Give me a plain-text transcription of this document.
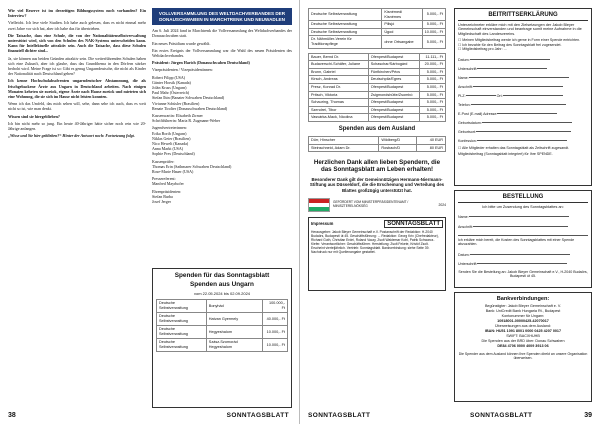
Wie viel Reserve ist im derzeitigen Bildungssystem noch vorhanden? Ein Interview?

Vielleicht. Ich lese viele Studien. Ich habe auch gelesen, dass es nicht einmal mehr zwei Jahre vor sich hat, aber ich habe das für übertrieben.

Die Tatsache, dass eine Schule, die von der Nationalitätenselbstverwaltung unterstützt wird, sich von den Schulen des NAK-Systems unterscheiden kann. Kann für Intellektuelle attraktiv sein. Auch die Tatsache, dass diese Schulen finanziell dichter sind...

Ja, sie können aus beiden Gründen attraktiv sein. Die weiterführenden Schulen haben sich eine Zukunft, aber ich glaube, dass das Grundthema in den Dörfern stärker bedroht wird. Meine Frage ist so: Gibt es genug Ungarndeutsche, die nicht als Kinder der Nationalität nach Deutschland gehen?

Ich kenne Hochschulabsolventen ungarndeutscher Abstammung, die als frischgebackene Ärzte aus Ungarn in Deutschland arbeiten. Nach einigen Monaten kehrten sie zurück, eigene Ärzte nach Hause zurück und mieteten sich eine Wohnung, die sie sich im Hause nicht leisten konnten.

Wenn ich das Umfeld, das mich sehen will, sehe, dann sehe ich auch, dass es weit nicht so ist, wie man denkt.

Wissen sind sie hiergeblieben?

Ich bin nicht mehr so jung. Ein heute 40-Jähriger hätte sicher noch rein wie 20-Jährige anfangen.

„Wisse und Sie hier geblieben?“ Hinter der Antwort noch: Fortsetzung folgt.

VOLLVERSAMMLUNG DES WELTDACHVERBANDES DER DONAUSCHWABEN IN MARCHTRENK UND NEUWADLEN

Am 6. Juli 2024 fand in Marchtrenk die Vollversammlung des Weltdachverbandes der Donauschwaben statt.

Ein neues Präsidium wurde gewählt.

Ein erstes Ereignis der Vollversammlung war die Wahl des neuen Präsidenten des Weltdachverbandes.

Präsident: Jürgen Harich (Donauschwaben Deutschland)

Vizepräsidenten / Vizepräsidentinnen:

Robert Filipp (USA)
Günter Horsik (Kanada)
Jolán Kruss (Ungarn)
Paul Mahr (Österreich)
Stefan Ihin (Banater Schwaben Deutschland)
Vivianne Schüsler (Brasilien)
Renate Tirolter (Donauschwaben Deutschland)

Kassenwartin: Elisabeth Zirmer
Schriftführerin: Maria R. Zugmann-Weber

Jugendvertreterinnen:
Erika Borth (Ungarn)
Niklas Geier (Brasilien)
Nico Hewelt (Kanada)
Anna Markt (USA)
Sophie Pres (Deutschland)

Kassenprüfer:
Thomas Erin (Sathmarer Schwaben Deutschland)
Rose-Marie Hauer (USA)

Pressereferent:
Manfred Mayrhofer

Ehrenpräsidenten:
Stefan Barba
Josef Jerger

Spenden für das Sonntagsblatt
Spenden aus Ungarn
vom 22.05.2024 bis 02.09.2024
Deutsche Selbstverwaltung	Bonyhád	100.000,- Ft
Deutsche Selbstverwaltung	Hatvan Gyermely	40.000,- Ft
Deutsche Selbstverwaltung	Hegyeshalom	10.000,- Ft
Deutsche Selbstverwaltung	Szász-Szomorád Hegyeshalom	10.000,- Ft
38	SONNTAGSBLATT
Deutsche Selbstverwaltung	Kisnémedi Kisnémes	5.000,- Ft
Deutsche Selbstverwaltung	Pilisjó	5.000,- Ft
Deutsche Selbstverwaltung	Úgod	10.000,- Ft
Dr. Nähmüller-Verein für Traditionspflege	ohne Ortsangabe	5.000,- Ft
Bauer, Bernd Dr.	Ofenpest/Budapest	11.111,- Ft
Budaverschi-Schäfer, Juliane	Schaschar/Sárbogárd	20.000,- Ft
Brunn, Gabriel	Fünfkirchen/Pécs	5.000,- Ft
Kirsch, Andreas	Deutschpilz/Egres	5.000,- Ft
Presz, Konrad Dr.	Ofenpest/Budapest	5.000,- Ft
Pritsch, Viktoria	Zsigmondshütte/Zsombó	5.000,- Ft
Schauring, Thomas	Ofenpest/Budapest	5.000,- Ft
Szendrei, Tibor	Ofenpest/Budapest	5.000,- Ft
Vasvárka-Mack, Nicolina	Ofenpest/Budapest	5.000,- Ft
Spenden aus dem Ausland
Dürr, Hinscher	Wildberg/D	40 EUR
Steinschneid, Adam Dr.	Rosbach/D	80 EUR
Herzlichen Dank allen lieben Spendern, die das Sonntagsblatt am Leben erhalten!
Besonderer Dank gilt der Gemeinnützigen Hermann-Niermann-Stiftung aus Düsseldorf, die die Erscheinung und Verteilung des Blattes großzügig unterstützt hat.
GEFÖRDERT VOM MINISTERPRÄSIDENTENAMT / MINISZTERELNÖKSÉG	2024
Impressum	SONNTAGSBLATT
Herausgeber: Jakob Bleyer Gemeinschaft e.V. Postanschrift der Redaktion: H-2040 Budaörs, Budapesti út 45. Geschäftsführung: ... Redaktion: Georg Krix (Chefredakteur), Richard Guth, Christian Erdei, Roland Vaczy, Zsolt Waldemar Kohl, Patrik Schwarcz-Kiefer. Verantwortlicher: Geschäftsführer. Herstellung: Zsolt Fekete, Kristóf Zsolt. Erscheint vierteljährlich. Vertrieb: Sonntagsblatt. Bankverbindung: siehe Seite 39. Nachdruck nur mit Quellenangabe gestattet.
SONNTAGSBLATT
BEITRITTSERKLÄRUNG
Unterzeichneter erkläre mich mit den Zielsetzungen der Jakob Bleyer Gemeinschaft einverstanden und beantrage somit meine Aufnahme in die Mitgliedschaft des Landesvereins.
☐ Meinen Mitgliedsbeitrag werde ich gerne in Form einer Spende entrichten.
☐ Ich bezahle für den Beitrag des Sonntagsblatt frei zugesendet.
☐ Mitgliedsbeitrag pro Jahr: ...
Datum:
Unterschrift:
Name:
Anschrift:
PLZ:	Ort:
Telefon:
E-Post (E-mail) Adresse:
Geburtsdatum:
Geburtsort:
Konfession:
☐ Alle Mitglieder erhalten das Sonntagsblatt als Zeitschrift zugesandt.
Mitgliedsbeitrag (Sonntagsblatt integriert) für Ihre SPENDE.
BESTELLUNG
Ich bitte um Zusendung des Sonntagsblattes an:
Name:
Anschrift:
Ich erkläre mich bereit, die Kosten des Sonntagsblattes mit einer Spende abzuzahlen.
Datum:
Unterschrift:
Senden Sie die Bestellung an: Jakob Bleyer Gemeinschaft e.V., H-2040 Budaörs, Budapesti út 45.
Bankverbindungen:
Begünstigter: Jakob Bleyer Gemeinschaft e. V.
Bank: UniCredit Bank Hungaria Rt., Budapest
Kontonummer für Ungarn:
10918001-00000425-42070017
Überweisungen aus dem Ausland:
IBAN: HU51 1091 8001 0000 0425 4207 0017
SWIFT: BACXHUHB
Die Spenden aus der BRD über: Donau Schwaben
DE84 4706 0000 4009 3913 06
Die Spender aus dem Ausland können Ihre Spenden direkt an unsere Organisation überweisen.
39
SONNTAGSBLATT
